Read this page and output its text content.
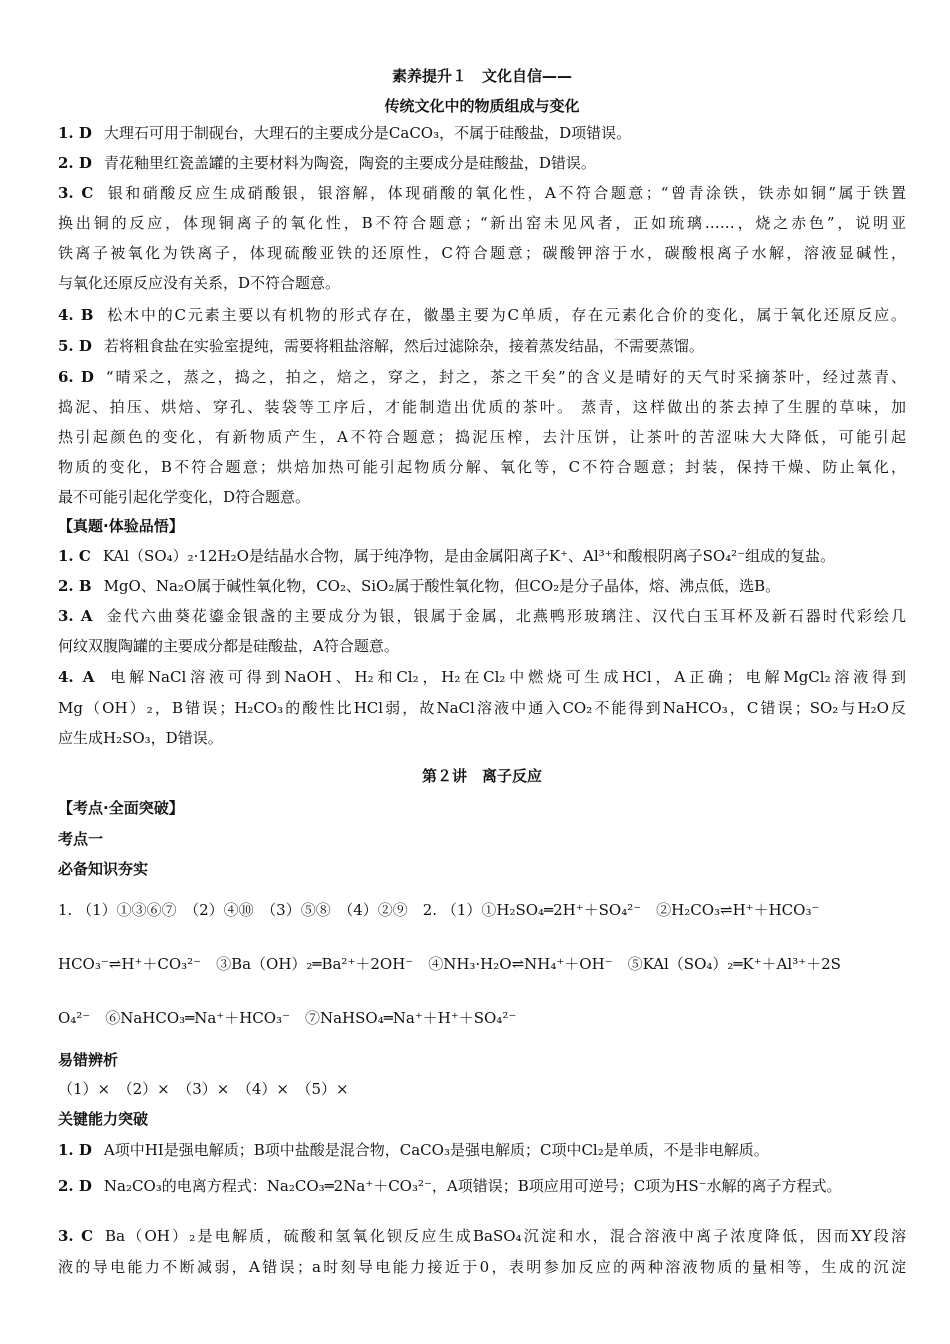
素养提升１　文化自信——
传统文化中的物质组成与变化
1. D 大理石可用于制砚台，大理石的主要成分是CaCO₃，不属于硅酸盐，D项错误。
2. D 青花釉里红瓷盖罐的主要材料为陶瓷，陶瓷的主要成分是硅酸盐，D错误。
3. C 银和硝酸反应生成硝酸银，银溶解，体现硝酸的氧化性，A不符合题意；“曾青涂铁，铁赤如铜”属于铁置
换出铜的反应，体现铜离子的氧化性，B不符合题意；“新出窑未见风者，正如琉璃……，烧之赤色”，说明亚
铁离子被氧化为铁离子，体现硫酸亚铁的还原性，C符合题意；碳酸钾溶于水，碳酸根离子水解，溶液显碱性，
与氧化还原反应没有关系，D不符合题意。
4. B 松木中的C元素主要以有机物的形式存在，徽墨主要为C单质，存在元素化合价的变化，属于氧化还原反应。
5. D 若将粗食盐在实验室提纯，需要将粗盐溶解，然后过滤除杂，接着蒸发结晶，不需要蒸馏。
6. D “晴采之，蒸之，捣之，拍之，焙之，穿之，封之，茶之干矣”的含义是晴好的天气时采摘茶叶，经过蒸青、
捣泥、拍压、烘焙、穿孔、装袋等工序后，才能制造出优质的茶叶。 蒸青，这样做出的茶去掉了生腥的草味，加
热引起颜色的变化，有新物质产生，A不符合题意；捣泥压榨，去汁压饼，让茶叶的苦涩味大大降低，可能引起
物质的变化，B不符合题意；烘焙加热可能引起物质分解、氧化等，C不符合题意；封装，保持干燥、防止氧化，
最不可能引起化学变化，D符合题意。
【真题·体验品悟】
1. C KAl（SO₄）₂·12H₂O是结晶水合物，属于纯净物，是由金属阳离子K⁺、Al³⁺和酸根阴离子SO₄²⁻组成的复盐。
2. B MgO、Na₂O属于碱性氧化物，CO₂、SiO₂属于酸性氧化物，但CO₂是分子晶体，熔、沸点低，选B。
3. A 金代六曲葵花鎏金银盏的主要成分为银，银属于金属，北燕鸭形玻璃注、汉代白玉耳杯及新石器时代彩绘几
何纹双腹陶罐的主要成分都是硅酸盐，A符合题意。
4. A 电解NaCl溶液可得到NaOH、H₂和Cl₂，H₂在Cl₂中燃烧可生成HCl，A正确；电解MgCl₂溶液得到
Mg（OH）₂，B错误；H₂CO₃的酸性比HCl弱，故NaCl溶液中通入CO₂不能得到NaHCO₃，C错误；SO₂与H₂O反
应生成H₂SO₃，D错误。
第２讲　离子反应
【考点·全面突破】
考点一
必备知识夯实
1. （1）①③⑥⑦　（2）④⑩　（3）⑤⑧　（4）②⑨　2. （1）①H₂SO₄═2H⁺＋SO₄²⁻　②H₂CO₃⇌H⁺＋HCO₃⁻
HCO₃⁻⇌H⁺＋CO₃²⁻　③Ba（OH）₂═Ba²⁺＋2OH⁻　④NH₃·H₂O⇌NH₄⁺＋OH⁻　⑤KAl（SO₄）₂═K⁺＋Al³⁺＋2S
O₄²⁻　⑥NaHCO₃═Na⁺＋HCO₃⁻　⑦NaHSO₄═Na⁺＋H⁺＋SO₄²⁻
易错辨析
（1）×　（2）×　（3）×　（4）×　（5）×
关键能力突破
1. D A项中HI是强电解质；B项中盐酸是混合物，CaCO₃是强电解质；C项中Cl₂是单质，不是非电解质。
2. D Na₂CO₃的电离方程式：Na₂CO₃═2Na⁺＋CO₃²⁻，A项错误；B项应用可逆号；C项为HS⁻水解的离子方程式。
3. C Ba（OH）₂是电解质，硫酸和氢氧化钡反应生成BaSO₄沉淀和水，混合溶液中离子浓度降低，因而XY段溶
液的导电能力不断减弱，A错误；a时刻导电能力接近于0，表明参加反应的两种溶液物质的量相等，生成的沉淀
